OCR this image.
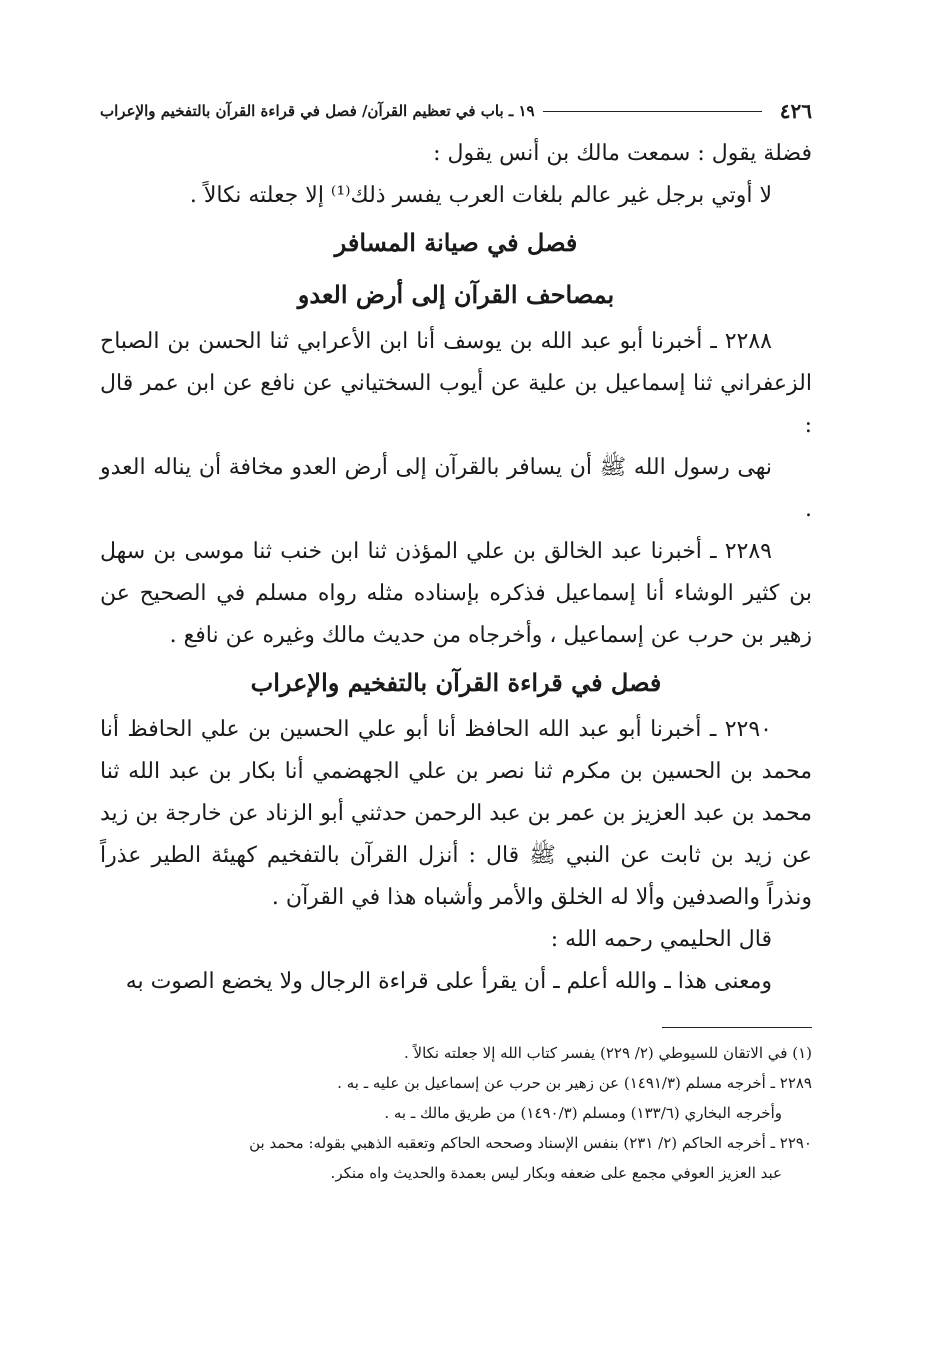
٤٢٦
١٩ ـ باب في تعظيم القرآن/ فصل في قراءة القرآن بالتفخيم والإعراب

فضلة يقول : سمعت مالك بن أنس يقول :

لا أوتي برجل غير عالم بلغات العرب يفسر ذلك⁽¹⁾ إلا جعلته نكالاً .

فصل في صيانة المسافر
بمصاحف القرآن إلى أرض العدو

٢٢٨٨ ـ أخبرنا أبو عبد الله بن يوسف أنا ابن الأعرابي ثنا الحسن بن الصباح الزعفراني ثنا إسماعيل بن علية عن أيوب السختياني عن نافع عن ابن عمر قال :

نهى رسول الله ﷺ أن يسافر بالقرآن إلى أرض العدو مخافة أن يناله العدو .

٢٢٨٩ ـ أخبرنا عبد الخالق بن علي المؤذن ثنا ابن خنب ثنا موسى بن سهل بن كثير الوشاء أنا إسماعيل فذكره بإسناده مثله رواه مسلم في الصحيح عن زهير بن حرب عن إسماعيل ، وأخرجاه من حديث مالك وغيره عن نافع .

فصل في قراءة القرآن بالتفخيم والإعراب

٢٢٩٠ ـ أخبرنا أبو عبد الله الحافظ أنا أبو علي الحسين بن علي الحافظ أنا محمد بن الحسين بن مكرم ثنا نصر بن علي الجهضمي أنا بكار بن عبد الله ثنا محمد بن عبد العزيز بن عمر بن عبد الرحمن حدثني أبو الزناد عن خارجة بن زيد عن زيد بن ثابت عن النبي ﷺ قال : أنزل القرآن بالتفخيم كهيئة الطير عذراً ونذراً والصدفين وألا له الخلق والأمر وأشباه هذا في القرآن .

قال الحليمي رحمه الله :

ومعنى هذا ـ والله أعلم ـ أن يقرأ على قراءة الرجال ولا يخضع الصوت به

(١) في الاتقان للسيوطي (٢/ ٢٢٩) يفسر كتاب الله إلا جعلته نكالاً .

٢٢٨٩ ـ أخرجه مسلم (١٤٩١/٣) عن زهير بن حرب عن إسماعيل بن عليه ـ به .

وأخرجه البخاري (١٣٣/٦) ومسلم (١٤٩٠/٣) من طريق مالك ـ به .

٢٢٩٠ ـ أخرجه الحاكم (٢/ ٢٣١) بنفس الإسناد وصححه الحاكم وتعقبه الذهبي بقوله: محمد بن

عبد العزيز العوفي مجمع على ضعفه وبكار ليس بعمدة والحديث واه منكر.
